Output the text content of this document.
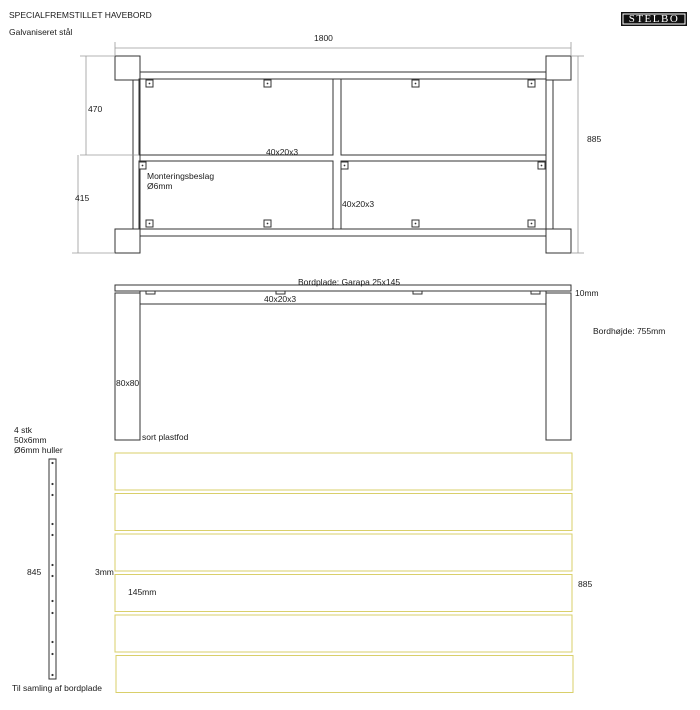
SPECIALFREMSTILLET HAVEBORD
Galvaniseret stål
STELBO
1800
470
415
885
40x20x3
40x20x3
Monteringsbeslag
Ø6mm
Bordplade: Garapa 25x145
10mm
40x20x3
Bordhøjde: 755mm
80x80
sort plastfod
4 stk
50x6mm
Ø6mm huller
845
Til samling af bordplade
3mm
145mm
885
